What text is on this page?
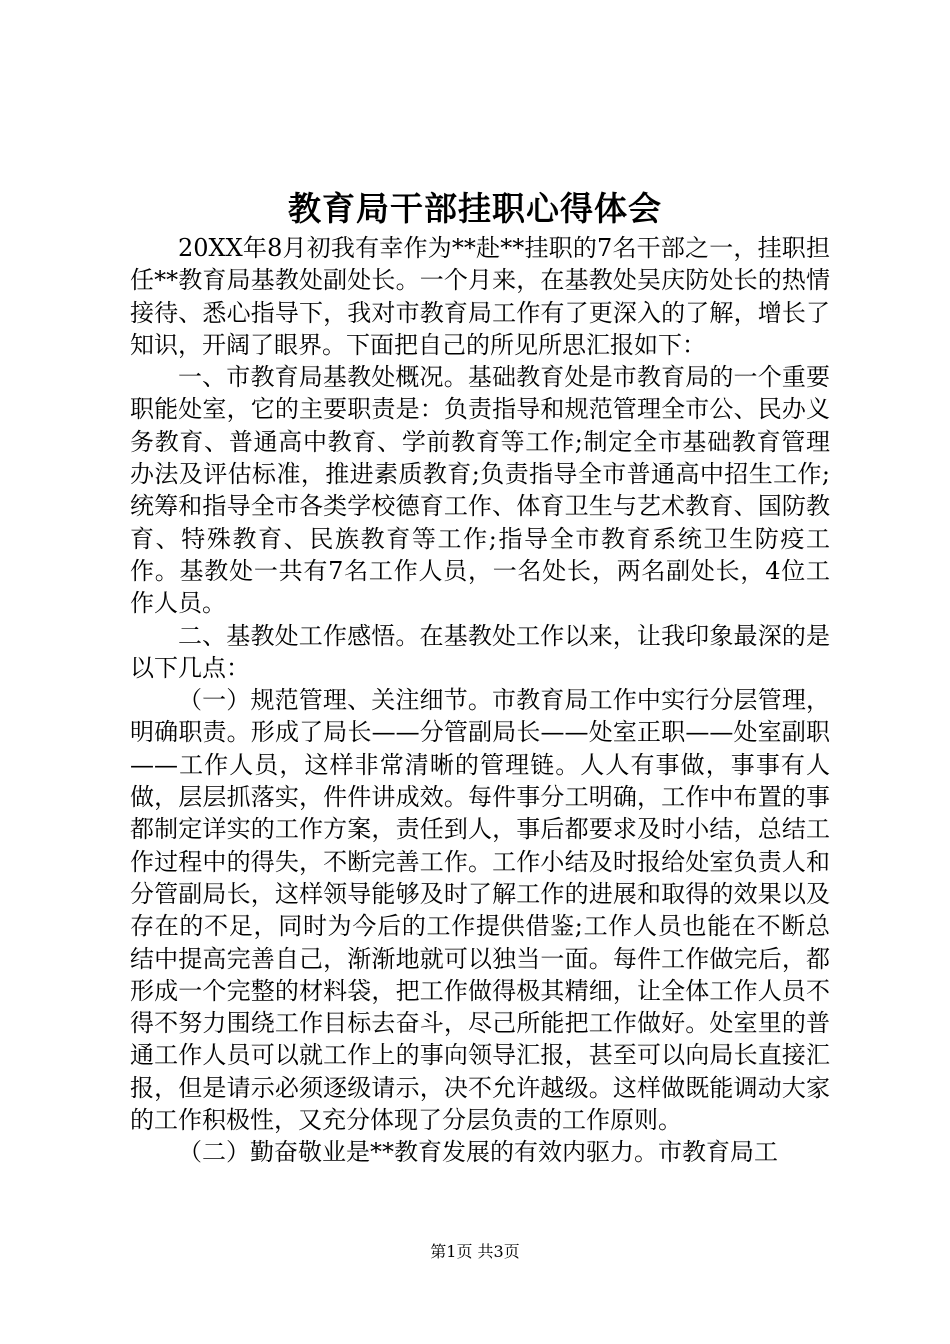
教育局干部挂职心得体会

20XX年8月初我有幸作为**赴**挂职的7名干部之一，挂职担任**教育局基教处副处长。一个月来，在基教处吴庆防处长的热情接待、悉心指导下，我对市教育局工作有了更深入的了解，增长了知识，开阔了眼界。下面把自己的所见所思汇报如下：

一、市教育局基教处概况。基础教育处是市教育局的一个重要职能处室，它的主要职责是：负责指导和规范管理全市公、民办义务教育、普通高中教育、学前教育等工作;制定全市基础教育管理办法及评估标准，推进素质教育;负责指导全市普通高中招生工作;统筹和指导全市各类学校德育工作、体育卫生与艺术教育、国防教育、特殊教育、民族教育等工作;指导全市教育系统卫生防疫工作。基教处一共有7名工作人员，一名处长，两名副处长，4位工作人员。

二、基教处工作感悟。在基教处工作以来，让我印象最深的是以下几点：

（一）规范管理、关注细节。市教育局工作中实行分层管理，明确职责。形成了局长——分管副局长——处室正职——处室副职——工作人员，这样非常清晰的管理链。人人有事做，事事有人做，层层抓落实，件件讲成效。每件事分工明确，工作中布置的事都制定详实的工作方案，责任到人，事后都要求及时小结，总结工作过程中的得失，不断完善工作。工作小结及时报给处室负责人和分管副局长，这样领导能够及时了解工作的进展和取得的效果以及存在的不足，同时为今后的工作提供借鉴;工作人员也能在不断总结中提高完善自己，渐渐地就可以独当一面。每件工作做完后，都形成一个完整的材料袋，把工作做得极其精细，让全体工作人员不得不努力围绕工作目标去奋斗，尽己所能把工作做好。处室里的普通工作人员可以就工作上的事向领导汇报，甚至可以向局长直接汇报，但是请示必须逐级请示，决不允许越级。这样做既能调动大家的工作积极性，又充分体现了分层负责的工作原则。

（二）勤奋敬业是**教育发展的有效内驱力。市教育局工

第1页 共3页
